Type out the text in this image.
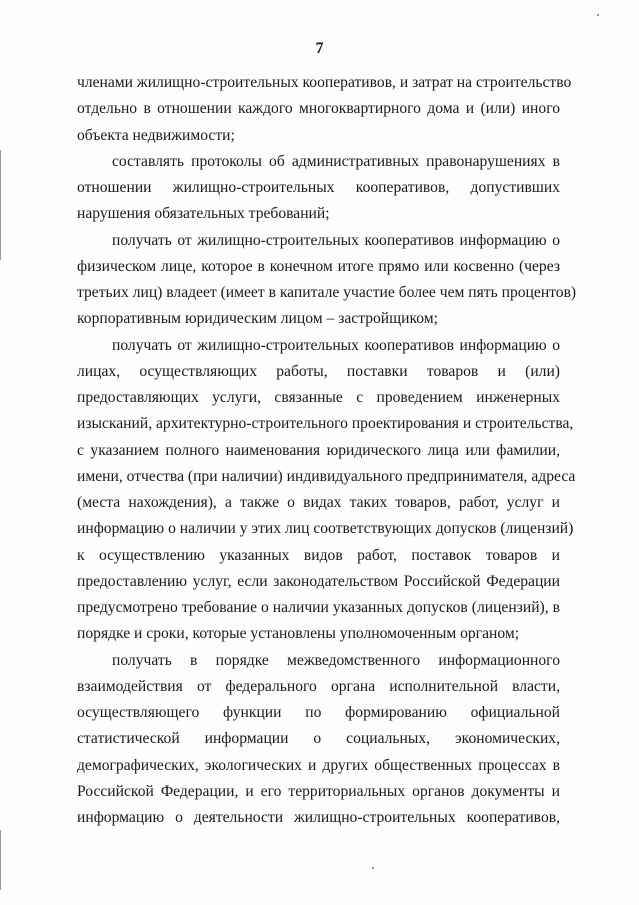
7
членами жилищно-строительных кооперативов, и затрат на строительство
отдельно в отношении каждого многоквартирного дома и (или) иного
объекта недвижимости;
составлять протоколы об административных правонарушениях в
отношении жилищно-строительных кооперативов, допустивших
нарушения обязательных требований;
получать от жилищно-строительных кооперативов информацию о
физическом лице, которое в конечном итоге прямо или косвенно (через
третьих лиц) владеет (имеет в капитале участие более чем пять процентов)
корпоративным юридическим лицом – застройщиком;
получать от жилищно-строительных кооперативов информацию о
лицах, осуществляющих работы, поставки товаров и (или)
предоставляющих услуги, связанные с проведением инженерных
изысканий, архитектурно-строительного проектирования и строительства,
с указанием полного наименования юридического лица или фамилии,
имени, отчества (при наличии) индивидуального предпринимателя, адреса
(места нахождения), а также о видах таких товаров, работ, услуг и
информацию о наличии у этих лиц соответствующих допусков (лицензий)
к осуществлению указанных видов работ, поставок товаров и
предоставлению услуг, если законодательством Российской Федерации
предусмотрено требование о наличии указанных допусков (лицензий), в
порядке и сроки, которые установлены уполномоченным органом;
получать в порядке межведомственного информационного
взаимодействия от федерального органа исполнительной власти,
осуществляющего функции по формированию официальной
статистической информации о социальных, экономических,
демографических, экологических и других общественных процессах в
Российской Федерации, и его территориальных органов документы и
информацию о деятельности жилищно-строительных кооперативов,
